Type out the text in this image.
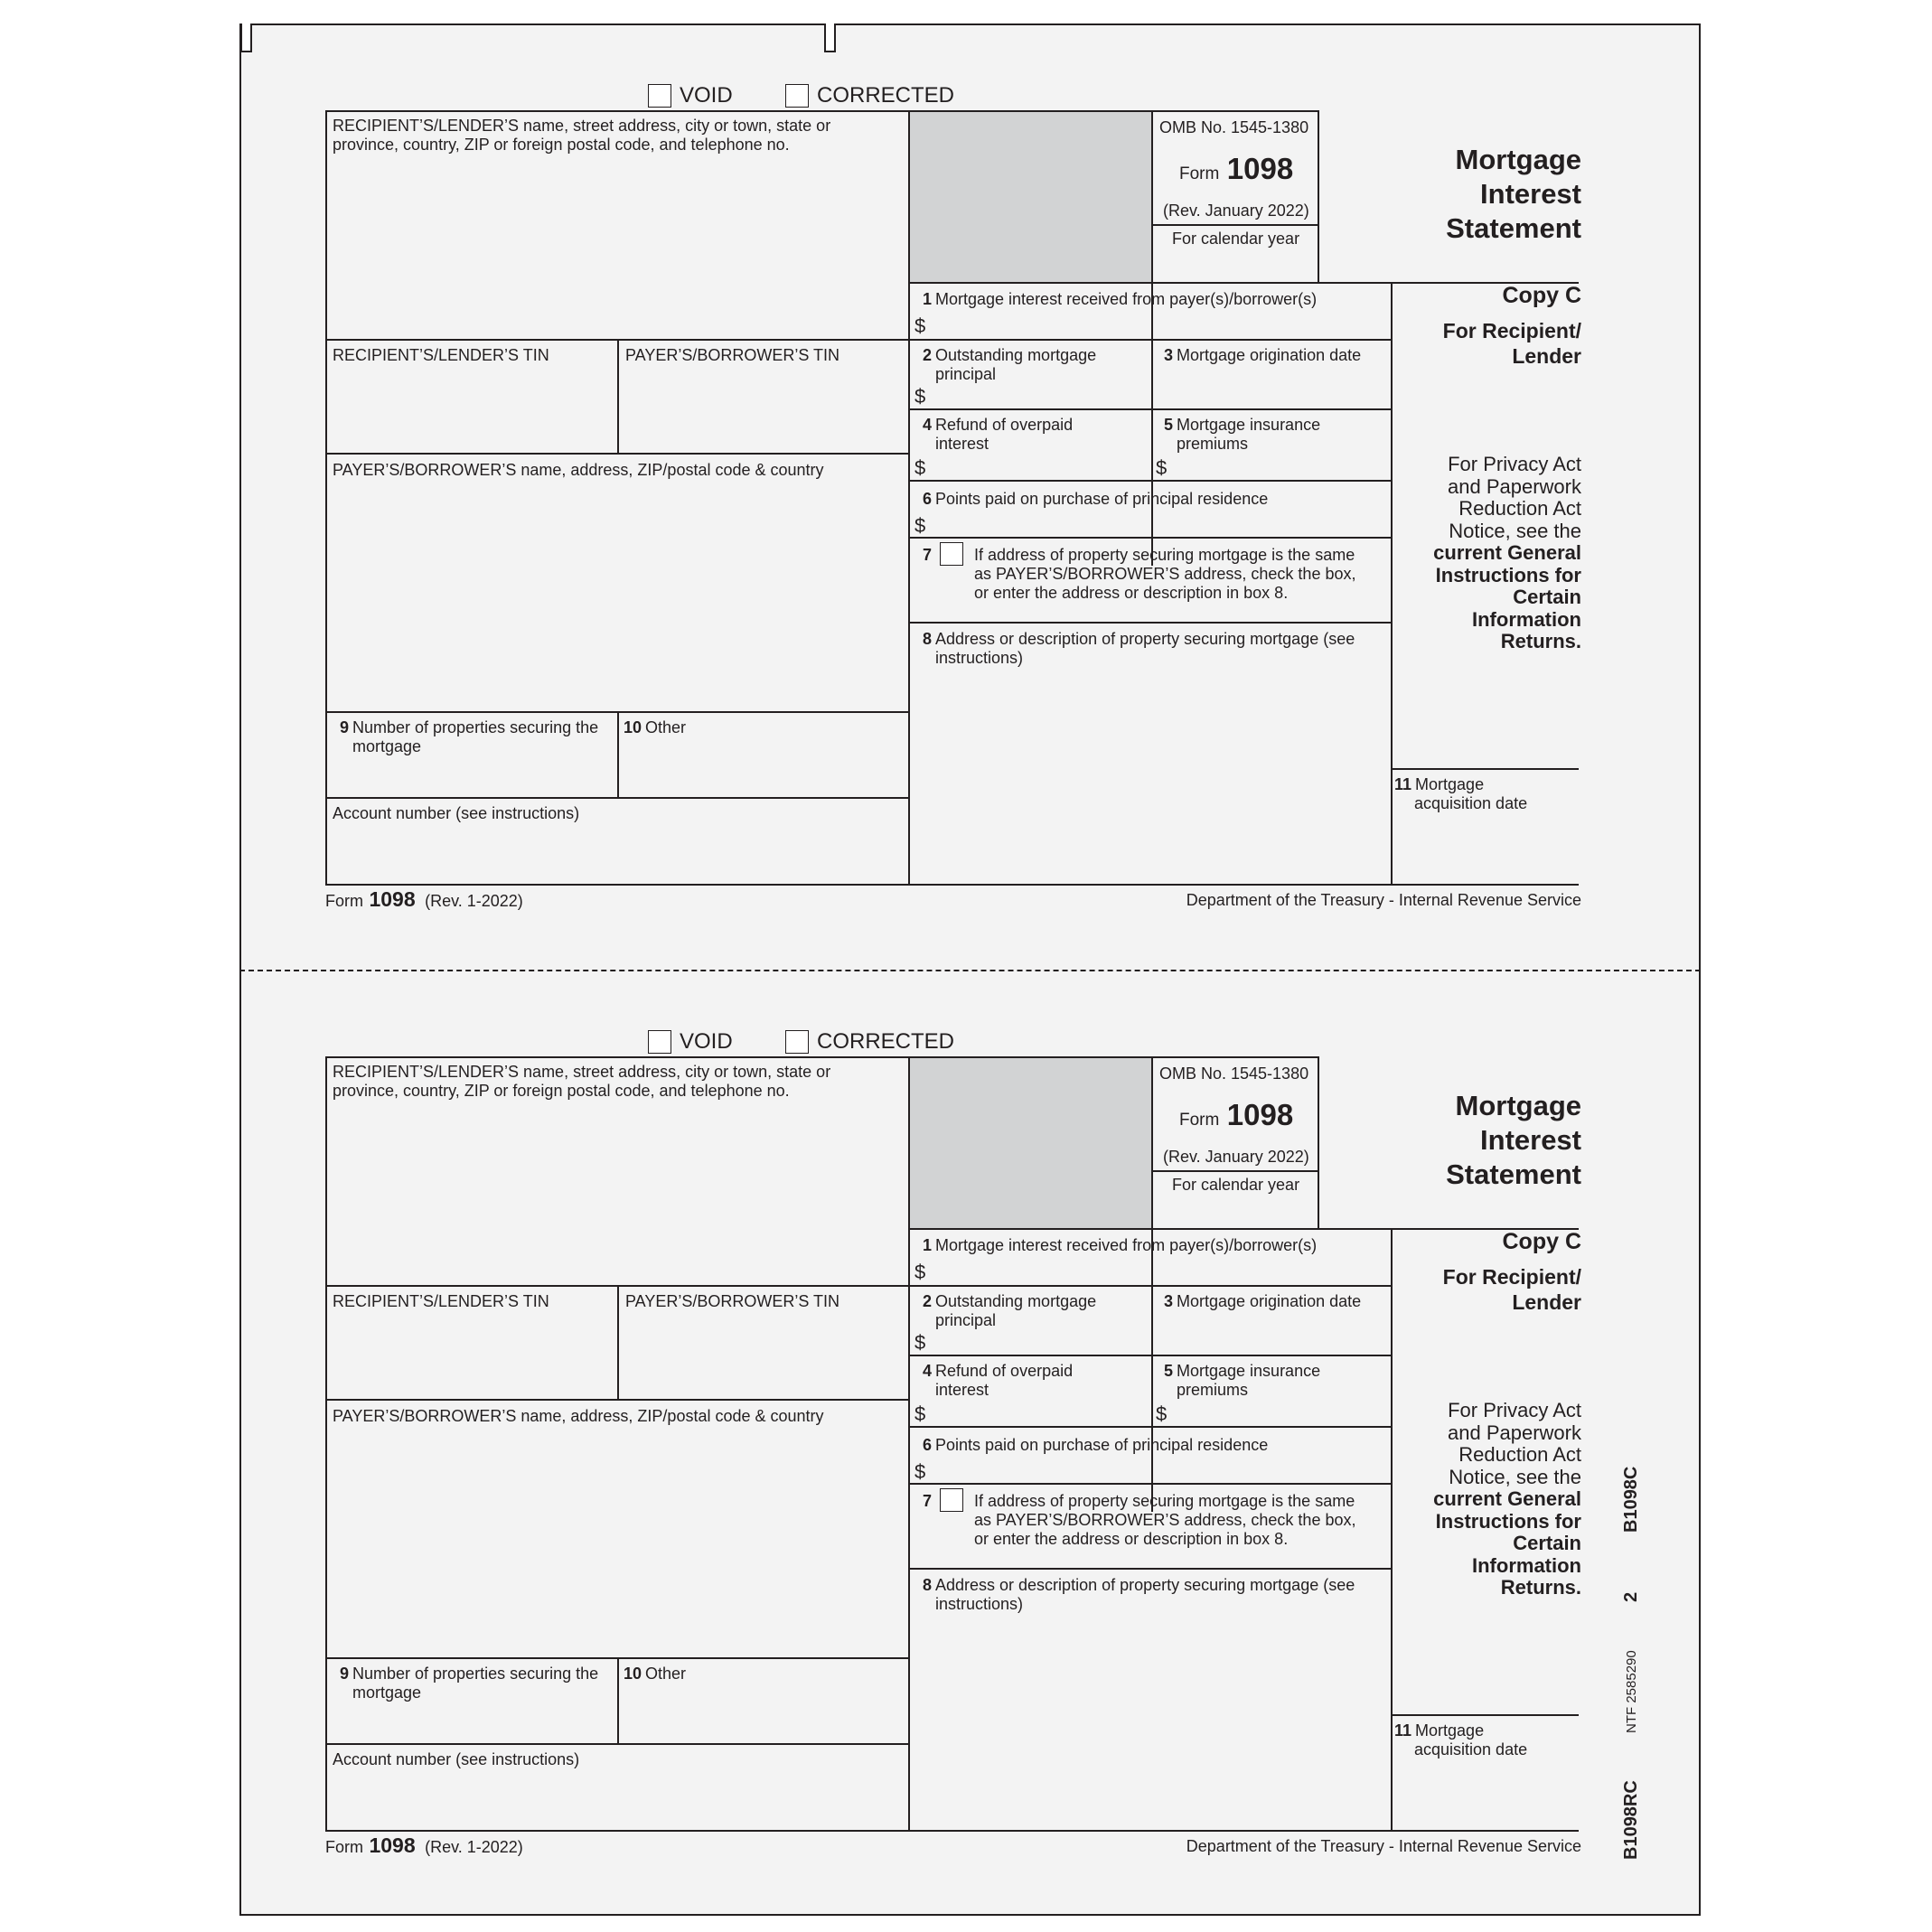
VOID	CORRECTED
RECIPIENT’S/LENDER’S name, street address, city or town, state or
province, country, ZIP or foreign postal code, and telephone no.
OMB No. 1545-1380
Form 1098
(Rev. January 2022)
For calendar year
Mortgage
Interest
Statement
1 Mortgage interest received from payer(s)/borrower(s)
$
RECIPIENT’S/LENDER’S TIN	PAYER’S/BORROWER’S TIN	2 Outstanding mortgage
principal
$
3 Mortgage origination date
4 Refund of overpaid
interest
$
5 Mortgage insurance
premiums
$
PAYER’S/BORROWER’S name, address, ZIP/postal code & country
6 Points paid on purchase of principal residence
$
7	If address of property securing mortgage is the same
as PAYER’S/BORROWER’S address, check the box,
or enter the address or description in box 8.
8 Address or description of property securing mortgage (see
instructions)
9 Number of properties securing the
mortgage
10 Other
Account number (see instructions)
Copy C
For Recipient/
Lender
For Privacy Act
and Paperwork
Reduction Act
Notice, see the
current General
Instructions for
Certain
Information
Returns.
11 Mortgage
acquisition date
Form 1098 (Rev. 1-2022)	Department of the Treasury - Internal Revenue Service
VOID	CORRECTED
RECIPIENT’S/LENDER’S name, street address, city or town, state or
province, country, ZIP or foreign postal code, and telephone no.
OMB No. 1545-1380
Form 1098
(Rev. January 2022)
For calendar year
Mortgage
Interest
Statement
1 Mortgage interest received from payer(s)/borrower(s)
$
RECIPIENT’S/LENDER’S TIN	PAYER’S/BORROWER’S TIN	2 Outstanding mortgage
principal
$
3 Mortgage origination date
4 Refund of overpaid
interest
$
5 Mortgage insurance
premiums
$
PAYER’S/BORROWER’S name, address, ZIP/postal code & country
6 Points paid on purchase of principal residence
$
7	If address of property securing mortgage is the same
as PAYER’S/BORROWER’S address, check the box,
or enter the address or description in box 8.
8 Address or description of property securing mortgage (see
instructions)
9 Number of properties securing the
mortgage
10 Other
Account number (see instructions)
Copy C
For Recipient/
Lender
For Privacy Act
and Paperwork
Reduction Act
Notice, see the
current General
Instructions for
Certain
Information
Returns.
11 Mortgage
acquisition date
Form 1098 (Rev. 1-2022)	Department of the Treasury - Internal Revenue Service
B1098C
2
NTF 2585290
B1098RC
